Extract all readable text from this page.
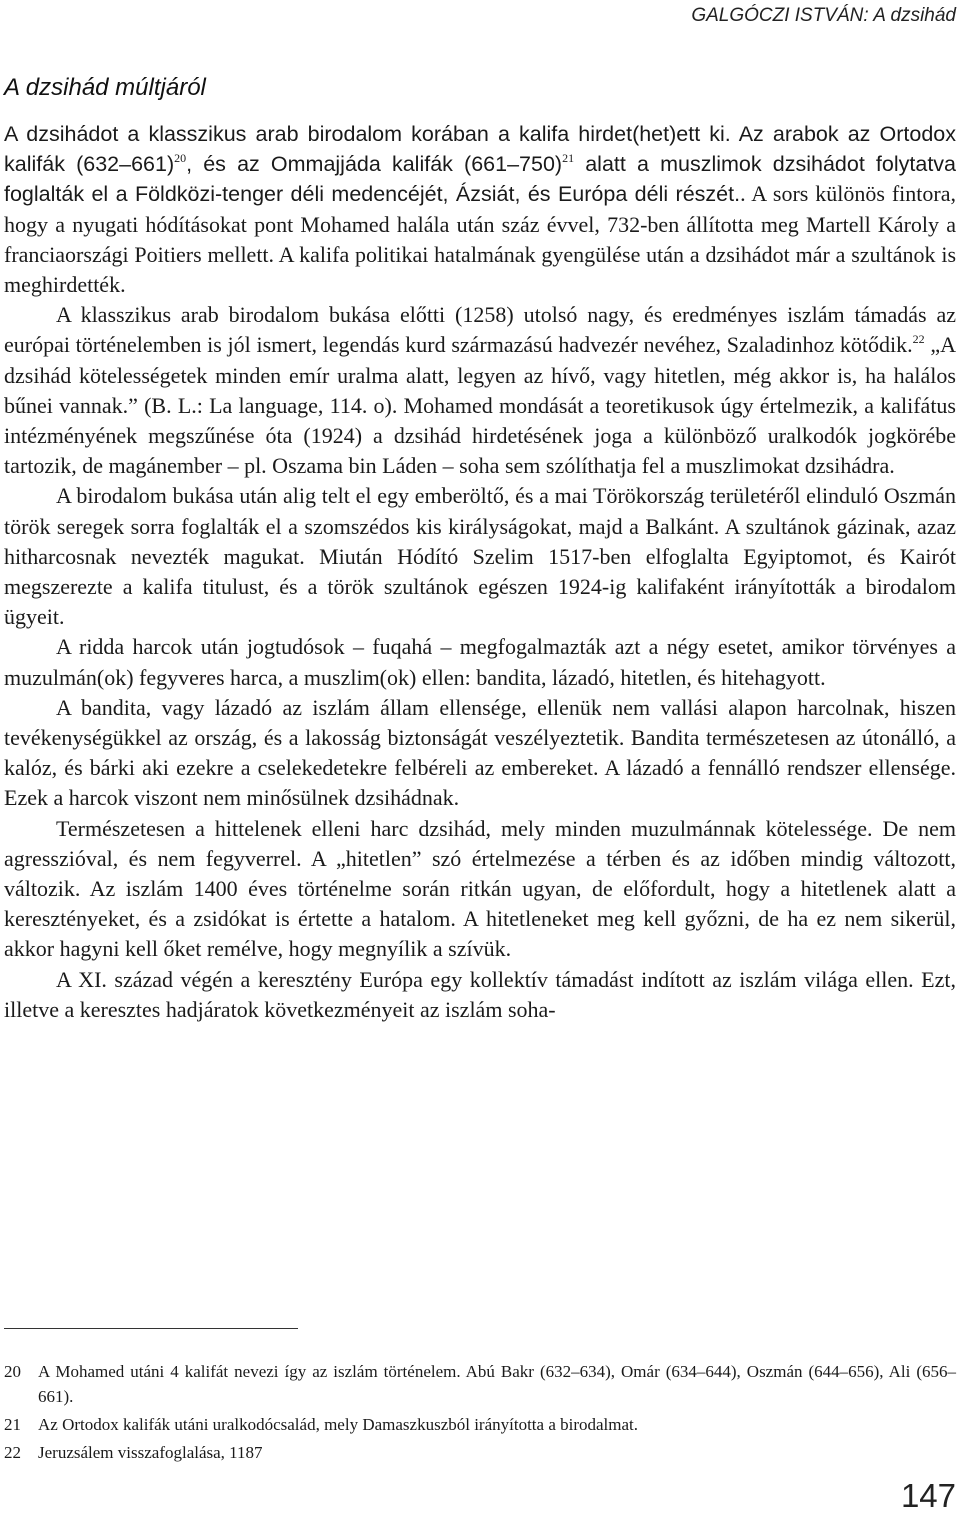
GALGÓCZI ISTVÁN: A dzsihád
A dzsihád múltjáról

A dzsihádot a klasszikus arab birodalom korában a kalifa hirdet(het)ett ki. Az arabok az Ortodox kalifák $(632-661)^{20}$, és az Ommajjáda kalifák $(661-750)^{21}$ alatt a muszlimok dzsihádot folytatva foglalták el a Földközi-tenger déli medencéjét, Ázsiát, és Európa déli részét.. A sors különös fintora, hogy a nyugati hódításokat pont Mohamed halála után száz évvel, 732-ben állította meg Martell Károly a franciaországi Poitiers mellett. A kalifa politikai hatalmának gyengülése után a dzsihádot már a szultánok is meghirdették.

A klasszikus arab birodalom bukása előtti (1258) utolsó nagy, és eredményes iszlám támadás az európai történelemben is jól ismert, legendás kurd származású hadvezér nevéhez, Szaladinhoz kötődik.$^{22}$ „A dzsihád kötelességetek minden emír uralma alatt, legyen az hívő, vagy hitetlen, még akkor is, ha halálos bűnei vannak.” (B. L.: La language, 114. o). Mohamed mondását a teoretikusok úgy értelmezik, a kalifátus intézményének megszűnése óta (1924) a dzsihád hirdetésének joga a különböző uralkodók jogkörébe tartozik, de magánember – pl. Oszama bin Láden – soha sem szólíthatja fel a muszlimokat dzsihádra.

A birodalom bukása után alig telt el egy emberöltő, és a mai Törökország területéről elinduló Oszmán török seregek sorra foglalták el a szomszédos kis királyságokat, majd a Balkánt. A szultánok gázinak, azaz hitharcosnak nevezték magukat. Miután Hódító Szelim 1517-ben elfoglalta Egyiptomot, és Kairót megszerezte a kalifa titulust, és a török szultánok egészen 1924-ig kalifaként irányították a birodalom ügyeit.

A ridda harcok után jogtudósok – fuqahá – megfogalmazták azt a négy esetet, amikor törvényes a muzulmán(ok) fegyveres harca, a muszlim(ok) ellen: bandita, lázadó, hitetlen, és hitehagyott.

A bandita, vagy lázadó az iszlám állam ellensége, ellenük nem vallási alapon harcolnak, hiszen tevékenységükkel az ország, és a lakosság biztonságát veszélyeztetik. Bandita természetesen az útonálló, a kalóz, és bárki aki ezekre a cselekedetekre felbéreli az embereket. A lázadó a fennálló rendszer ellensége. Ezek a harcok viszont nem minősülnek dzsihádnak.

Természetesen a hittelenek elleni harc dzsihád, mely minden muzulmánnak kötelessége. De nem agresszióval, és nem fegyverrel. A „hitetlen” szó értelmezése a térben és az időben mindig változott, változik. Az iszlám 1400 éves történelme során ritkán ugyan, de előfordult, hogy a hitetlenek alatt a keresztényeket, és a zsidókat is értette a hatalom. A hitetleneket meg kell győzni, de ha ez nem sikerül, akkor hagyni kell őket remélve, hogy megnyílik a szívük.

A XI. század végén a keresztény Európa egy kollektív támadást indított az iszlám világa ellen. Ezt, illetve a keresztes hadjáratok következményeit az iszlám soha-

20	A Mohamed utáni 4 kalifát nevezi így az iszlám történelem. Abú Bakr (632–634), Omár (634–644), Oszmán (644–656), Ali (656–661).
21	Az Ortodox kalifák utáni uralkodócsalád, mely Damaszkuszból irányította a birodalmat.
22	Jeruzsálem visszafoglalása, 1187
147
